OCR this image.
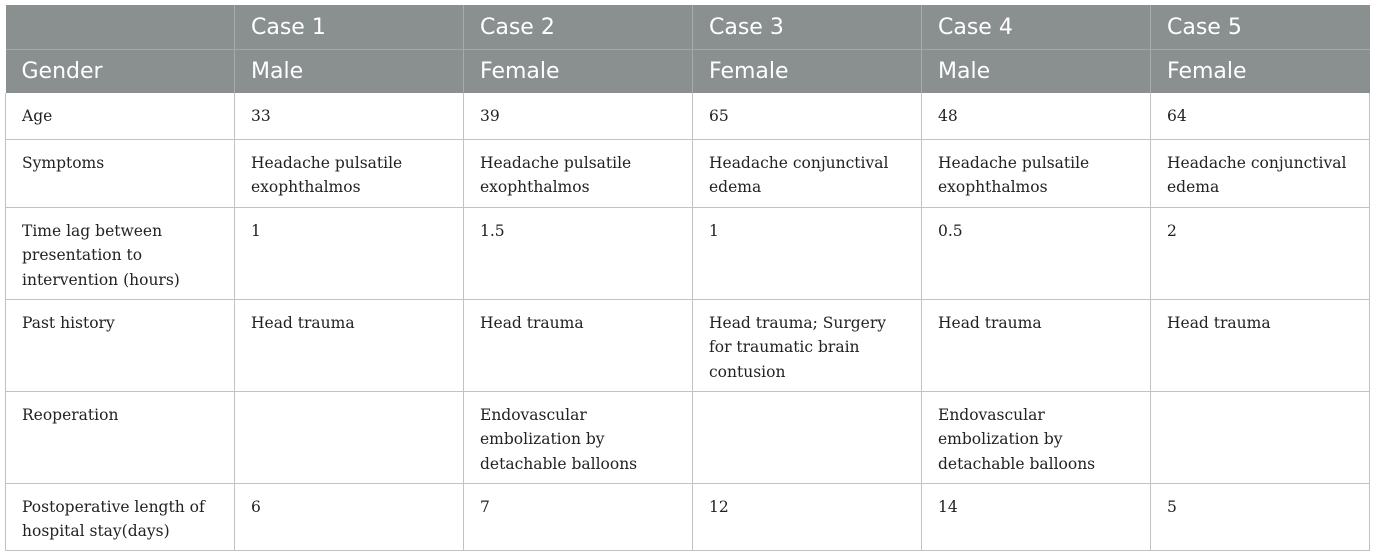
	Case 1	Case 2	Case 3	Case 4	Case 5
Gender	Male	Female	Female	Male	Female
Age	33	39	65	48	64
Symptoms	Headache pulsatile exophthalmos	Headache pulsatile exophthalmos	Headache conjunctival edema	Headache pulsatile exophthalmos	Headache conjunctival edema
Time lag between presentation to intervention (hours)	1	1.5	1	0.5	2
Past history	Head trauma	Head trauma	Head trauma; Surgery for traumatic brain contusion	Head trauma	Head trauma
Reoperation		Endovascular embolization by detachable balloons		Endovascular embolization by detachable balloons	
Postoperative length of hospital stay(days)	6	7	12	14	5
